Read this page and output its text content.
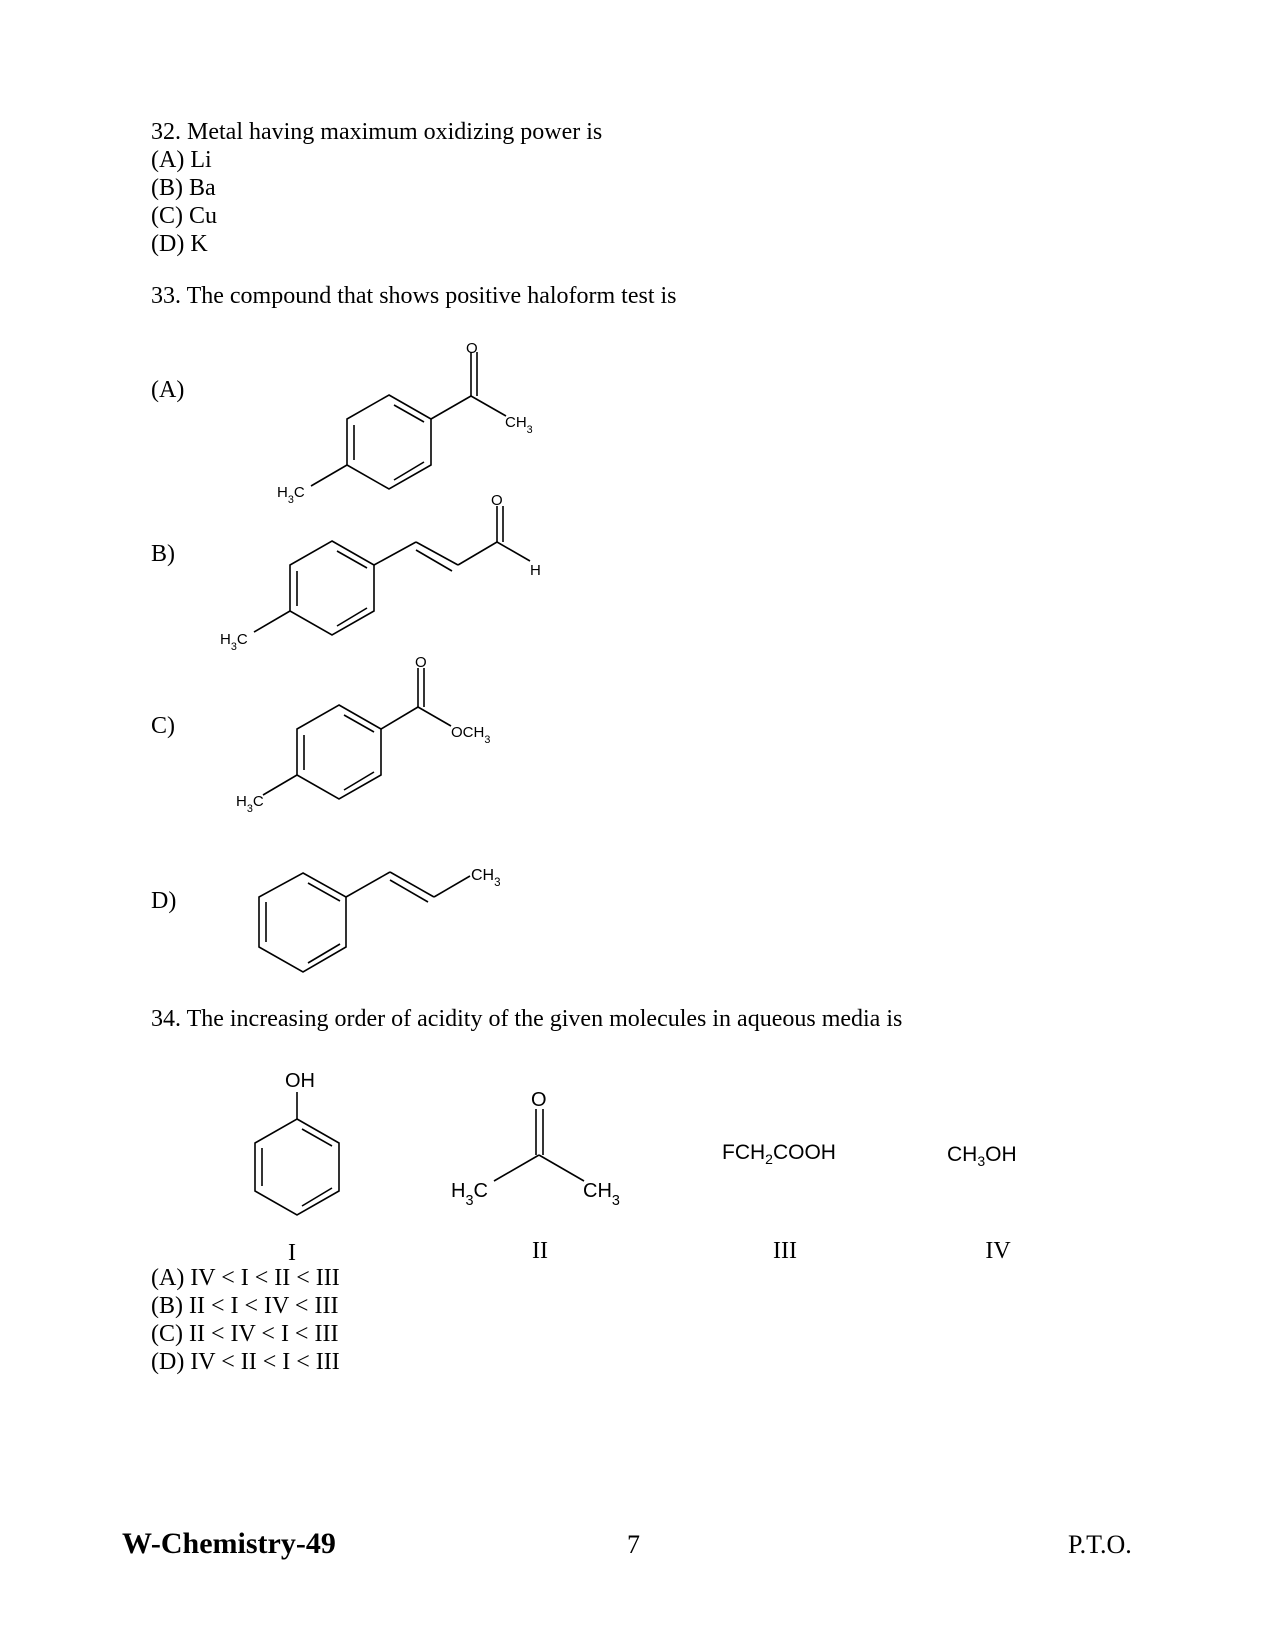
32. Metal having maximum oxidizing power is
(A) Li
(B) Ba
(C) Cu
(D) K
33. The compound that shows positive haloform test is
(A)
B)
C)
D)
O
$CH_3$
$H_3C$	O
H
$H_3C$
O
$OCH_3$
$H_3C$
$CH_3$
34. The increasing order of acidity of the given molecules in aqueous media is
OH
O
$H_3C$	$CH_3$
$FCH_2COOH$	$CH_3OH$
I	II	III	IV
(A) IV < I < II < III
(B) II < I < IV < III
(C) II < IV < I < III
(D) IV < II < I < III
W-Chemistry-49	7	P.T.O.
